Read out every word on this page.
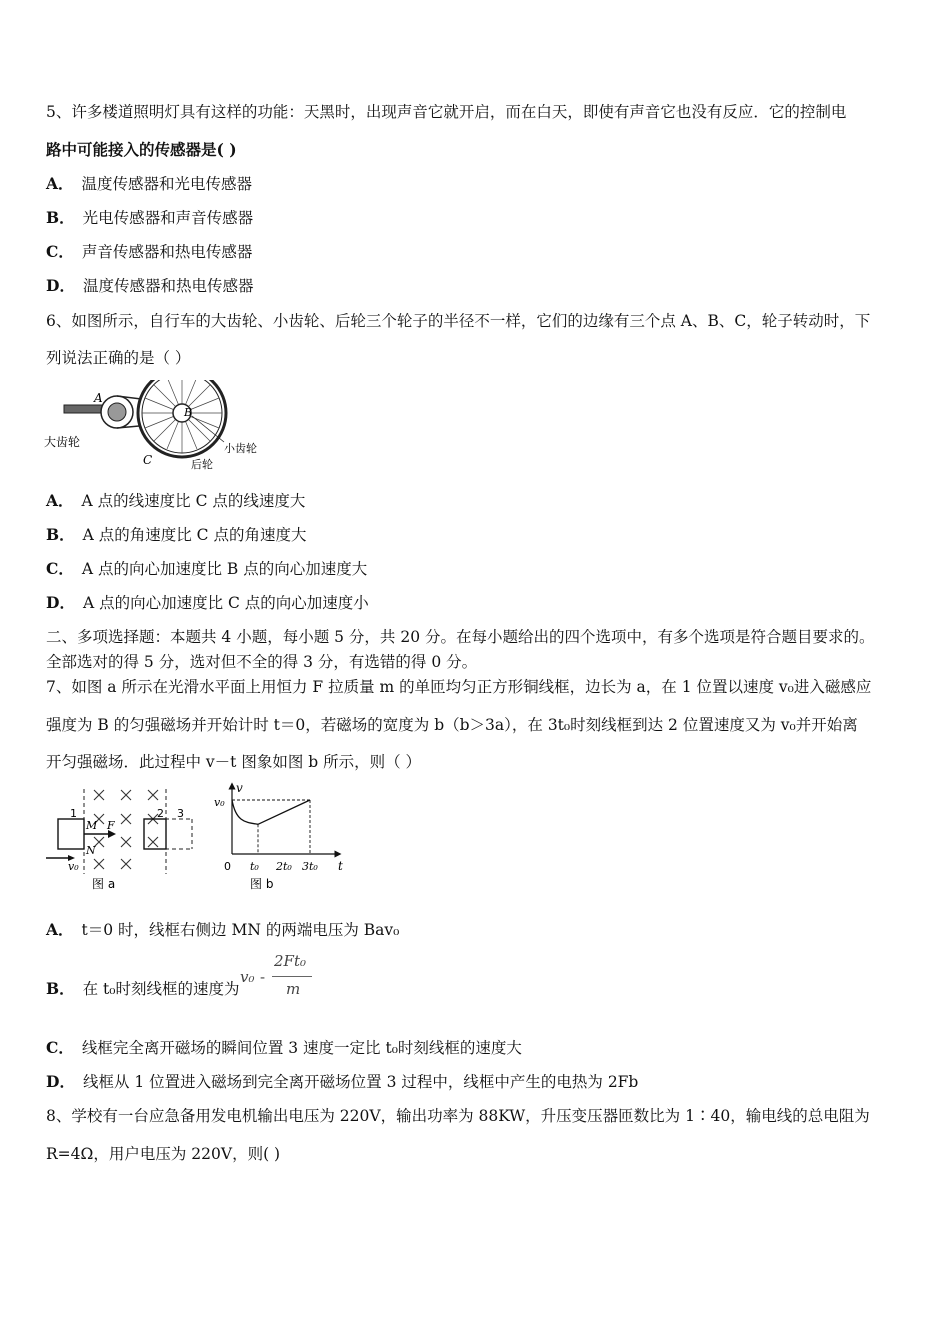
5、许多楼道照明灯具有这样的功能：天黑时，出现声音它就开启，而在白天，即使有声音它也没有反应．它的控制电
路中可能接入的传感器是( )
A． 温度传感器和光电传感器
B． 光电传感器和声音传感器
C． 声音传感器和热电传感器
D． 温度传感器和热电传感器
6、如图所示，自行车的大齿轮、小齿轮、后轮三个轮子的半径不一样，它们的边缘有三个点 A、B、C，轮子转动时，下
列说法正确的是（ ）
A
B
C
大齿轮	小齿轮
后轮
A． A 点的线速度比 C 点的线速度大
B． A 点的角速度比 C 点的角速度大
C． A 点的向心加速度比 B 点的向心加速度大
D． A 点的向心加速度比 C 点的向心加速度小
二、多项选择题：本题共 4 小题，每小题 5 分，共 20 分。在每小题给出的四个选项中，有多个选项是符合题目要求的。
全部选对的得 5 分，选对但不全的得 3 分，有选错的得 0 分。
7、如图 a 所示在光滑水平面上用恒力 F 拉质量 m 的单匝均匀正方形铜线框，边长为 a，在 1 位置以速度 v₀进入磁感应
强度为 B 的匀强磁场并开始计时 t＝0，若磁场的宽度为 b（b＞3a），在 3t₀时刻线框到达 2 位置速度又为 v₀并开始离
开匀强磁场．此过程中 v－t 图象如图 b 所示，则（ ）
1	2 3
M
N
F
v₀
图 a
t₀ 2t₀ 3t₀
v
t
0
v₀
图 b
A． t＝0 时，线框右侧边 MN 的两端电压为 Bav₀
B． 在 t₀时刻线框的速度为
v₀ -
2Ft₀
m
C． 线框完全离开磁场的瞬间位置 3 速度一定比 t₀时刻线框的速度大
D． 线框从 1 位置进入磁场到完全离开磁场位置 3 过程中，线框中产生的电热为 2Fb
8、学校有一台应急备用发电机输出电压为 220V，输出功率为 88KW，升压变压器匝数比为 1∶40，输电线的总电阻为
R=4Ω，用户电压为 220V，则( )
